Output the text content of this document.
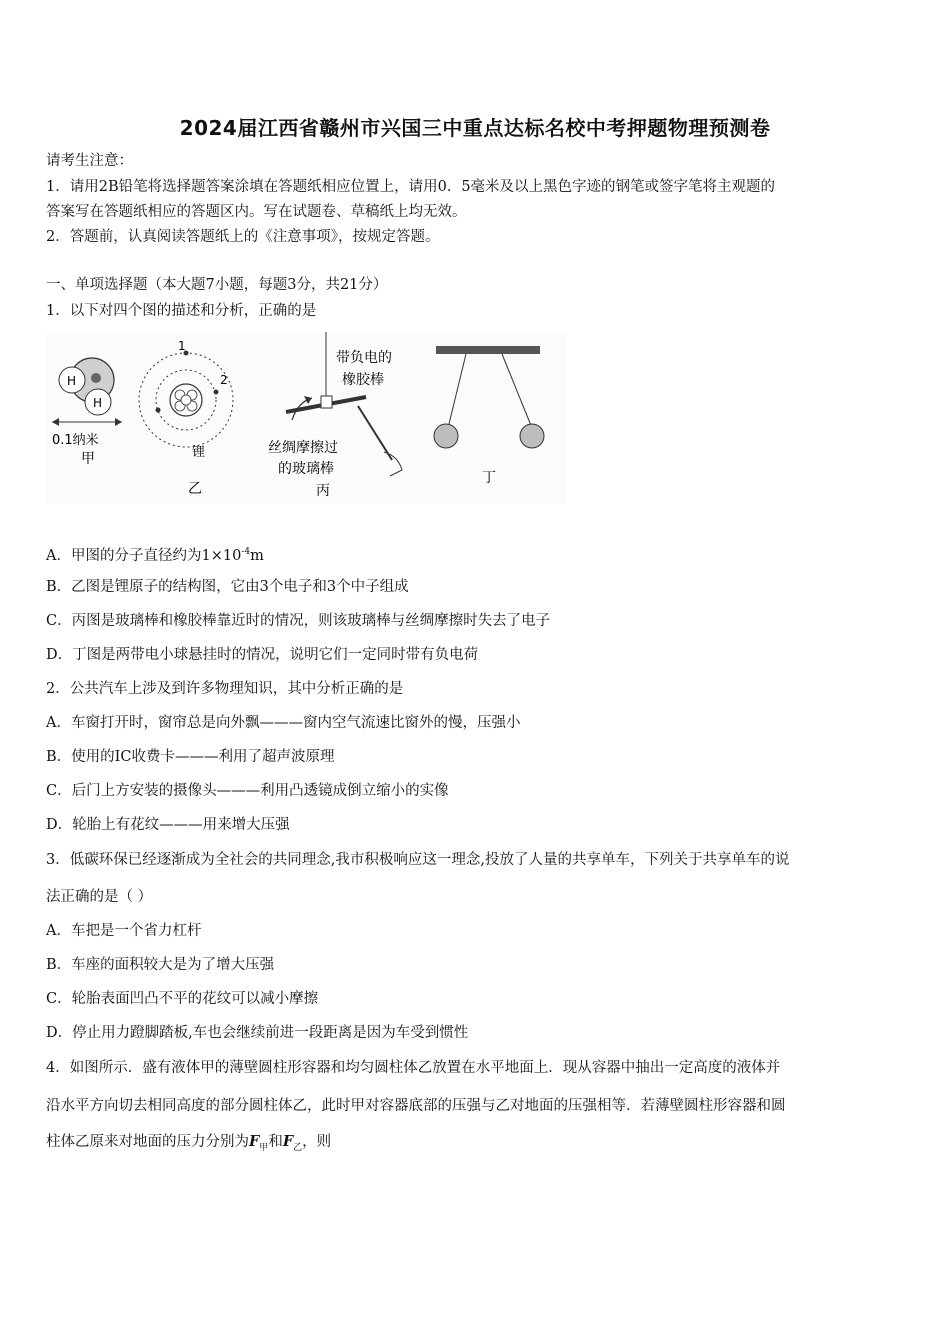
2024届江西省赣州市兴国三中重点达标名校中考押题物理预测卷
请考生注意：
1．请用2B铅笔将选择题答案涂填在答题纸相应位置上，请用0．5毫米及以上黑色字迹的钢笔或签字笔将主观题的
答案写在答题纸相应的答题区内。写在试题卷、草稿纸上均无效。
2．答题前，认真阅读答题纸上的《注意事项》，按规定答题。
一、单项选择题（本大题7小题，每题3分，共21分）
1．以下对四个图的描述和分析，正确的是
H
H
0.1纳米
甲
1
2
锂
乙
带负电的
橡胶棒
丝绸摩擦过
的玻璃棒
丙
丁
A．甲图的分子直径约为$1\times 10^{-4}m$
B．乙图是锂原子的结构图，它由3个电子和3个中子组成
C．丙图是玻璃棒和橡胶棒靠近时的情况，则该玻璃棒与丝绸摩擦时失去了电子
D．丁图是两带电小球悬挂时的情况，说明它们一定同时带有负电荷
2．公共汽车上涉及到许多物理知识，其中分析正确的是
A．车窗打开时，窗帘总是向外飘———窗内空气流速比窗外的慢，压强小
B．使用的IC收费卡———利用了超声波原理
C．后门上方安装的摄像头———利用凸透镜成倒立缩小的实像
D．轮胎上有花纹———用来增大压强
3．低碳环保已经逐渐成为全社会的共同理念,我市积极响应这一理念,投放了人量的共享单车，下列关于共享单车的说
法正确的是（ ）
A．车把是一个省力杠杆
B．车座的面积较大是为了增大压强
C．轮胎表面凹凸不平的花纹可以减小摩擦
D．停止用力蹬脚踏板,车也会继续前进一段距离是因为车受到惯性
4．如图所示．盛有液体甲的薄壁圆柱形容器和均匀圆柱体乙放置在水平地面上．现从容器中抽出一定高度的液体并
沿水平方向切去相同高度的部分圆柱体乙，此时甲对容器底部的压强与乙对地面的压强相等．若薄壁圆柱形容器和圆
柱体乙原来对地面的压力分别为$F_甲$和$F_乙$，则
